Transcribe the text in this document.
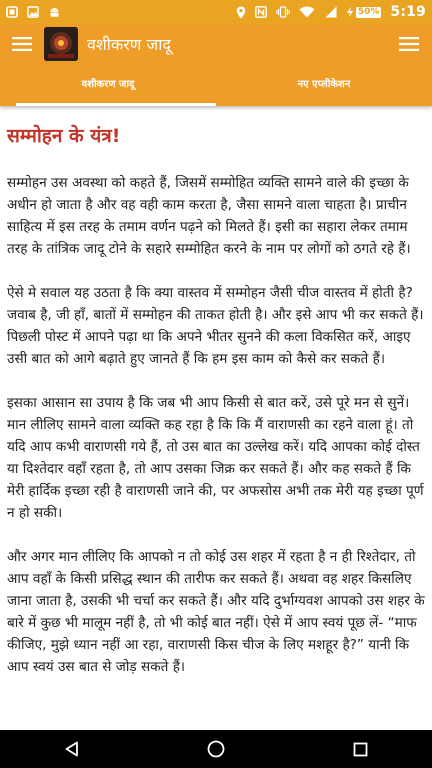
50% 5:19
वशीकरण जादू
वशीकरण जादू	नए एप्लीकेशन
सम्मोहन के यंत्र!

सम्मोहन उस अवस्था को कहते हैं, जिसमें सम्मोहित व्यक्ति सामने वाले की इच्छा के अधीन हो जाता है और वह वही काम करता है, जैसा सामने वाला चाहता है। प्राचीन साहित्य में इस तरह के तमाम वर्णन पढ़ने को मिलते हैं। इसी का सहारा लेकर तमाम तरह के तांत्रिक जादू टोने के सहारे सम्मोहित करने के नाम पर लोगों को ठगते रहे हैं।

ऐसे मे सवाल यह उठता है कि क्या वास्तव में सम्मोहन जैसी चीज वास्तव में होती है? जवाब है, जी हाँ, बातों में सम्मोहन की ताकत होती है। और इसे आप भी कर सकते हैं। पिछली पोस्ट में आपने पढ़ा था कि अपने भीतर सुनने की कला विकसित करें, आइए उसी बात को आगे बढ़ाते हुए जानते हैं कि हम इस काम को कैसे कर सकते हैं।

इसका आसान सा उपाय है कि जब भी आप किसी से बात करें, उसे पूरे मन से सुनें। मान लीलिए सामने वाला व्यक्ति कह रहा है कि कि मैं वाराणसी का रहने वाला हूं। तो यदि आप कभी वाराणसी गये हैं, तो उस बात का उल्लेख करें। यदि आपका कोई दोस्त या दिश्तेदार वहाँ रहता है, तो आप उसका जिक्र कर सकते हैं। और कह सकते हैं कि मेरी हार्दिक इच्छा रही है वाराणसी जाने की, पर अफसोस अभी तक मेरी यह इच्छा पूर्ण न हो सकी।

और अगर मान लीलिए कि आपको न तो कोई उस शहर में रहता है न ही रिश्तेदार, तो आप वहाँ के किसी प्रसिद्ध स्थान की तारीफ कर सकते हैं। अथवा वह शहर किसलिए जाना जाता है, उसकी भी चर्चा कर सकते हैं। और यदि दुर्भाग्यवश आपको उस शहर के बारे में कुछ भी मालूम नहीं है, तो भी कोई बात नहीं। ऐसे में आप स्वयं पूछ लें- “माफ कीजिए, मुझे ध्यान नहीं आ रहा, वाराणसी किस चीज के लिए मशहूर है?” यानी कि आप स्वयं उस बात से जोड़ सकते हैं।
